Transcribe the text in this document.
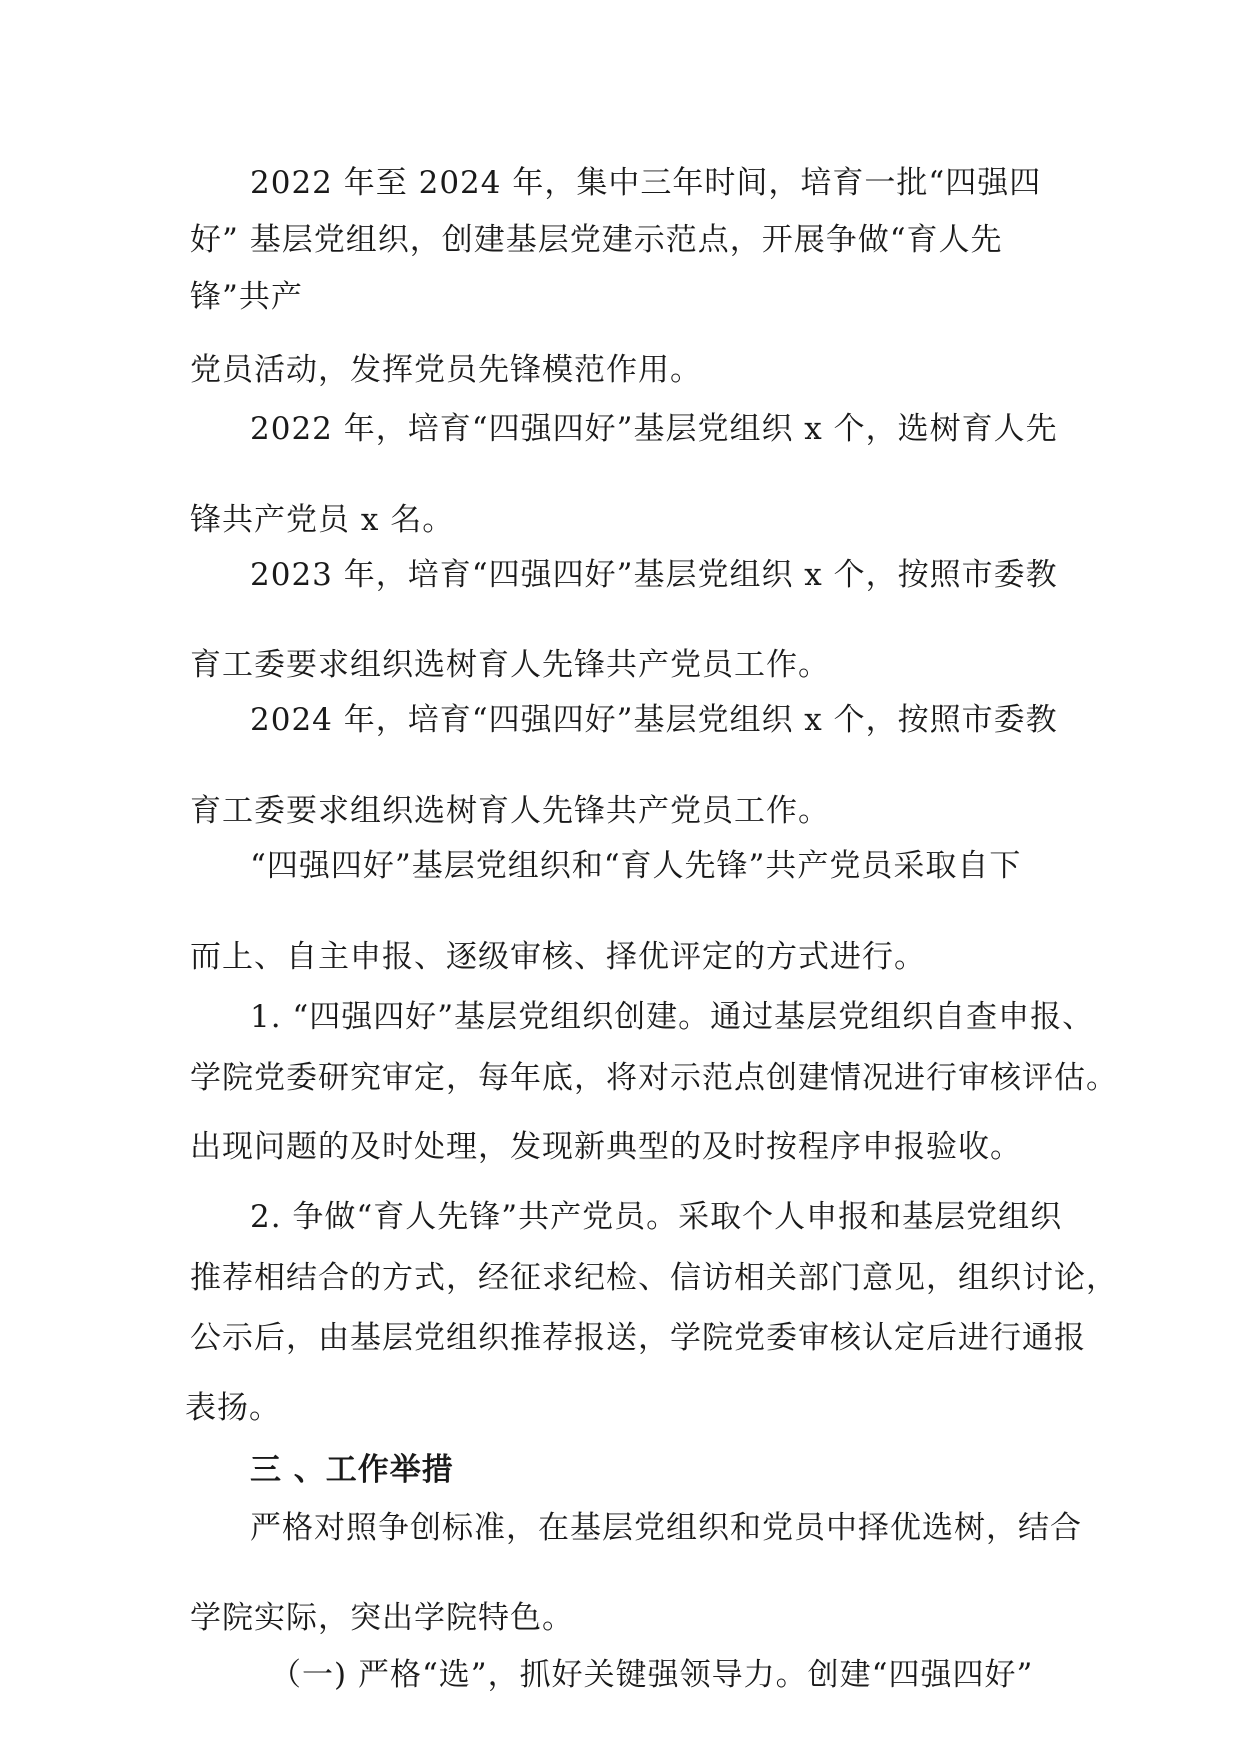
2022 年至 2024 年，集中三年时间，培育一批“四强四
好” 基层党组织，创建基层党建示范点，开展争做“育人先
锋”共产
党员活动，发挥党员先锋模范作用。
2022 年，培育“四强四好”基层党组织 x 个，选树育人先
锋共产党员 x 名。
2023 年，培育“四强四好”基层党组织 x 个，按照市委教
育工委要求组织选树育人先锋共产党员工作。
2024 年，培育“四强四好”基层党组织 x 个，按照市委教
育工委要求组织选树育人先锋共产党员工作。
“四强四好”基层党组织和“育人先锋”共产党员采取自下
而上、自主申报、逐级审核、择优评定的方式进行。
1. “四强四好”基层党组织创建。通过基层党组织自查申报、
学院党委研究审定，每年底，将对示范点创建情况进行审核评估。
出现问题的及时处理，发现新典型的及时按程序申报验收。
2. 争做“育人先锋”共产党员。采取个人申报和基层党组织
推荐相结合的方式，经征求纪检、信访相关部门意见，组织讨论，
公示后，由基层党组织推荐报送，学院党委审核认定后进行通报
表扬。
三 、工作举措
严格对照争创标准，在基层党组织和党员中择优选树，结合
学院实际，突出学院特色。
（一) 严格“选”，抓好关键强领导力。创建“四强四好”
